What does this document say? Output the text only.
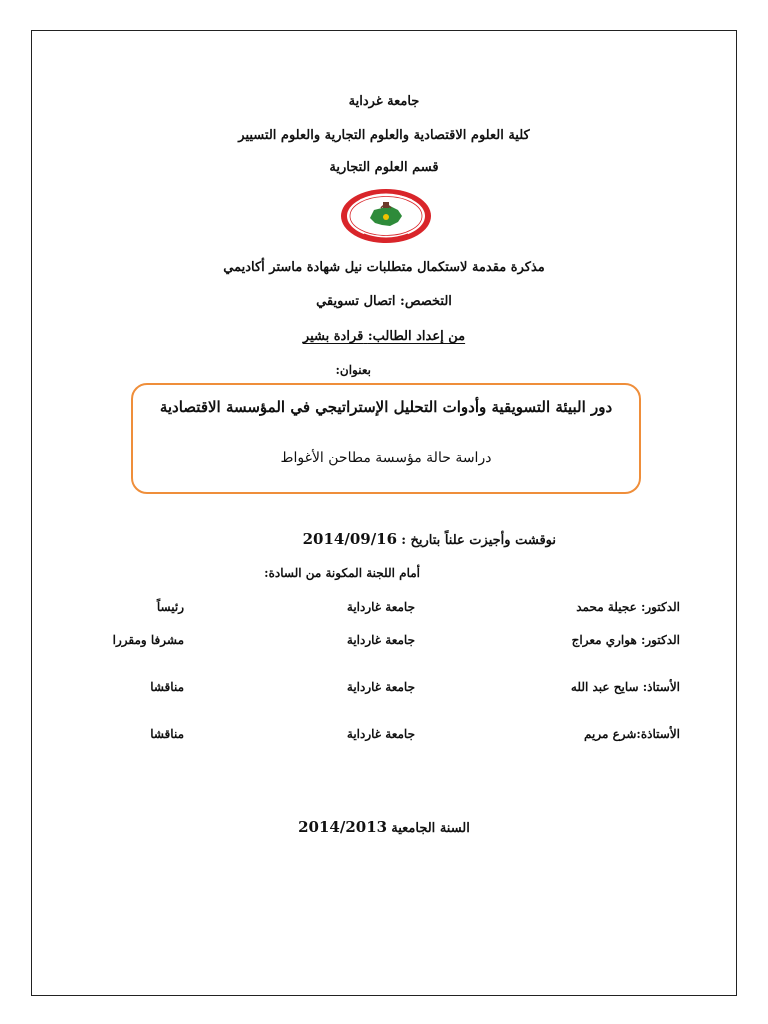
جامعة غرداية
كلية العلوم الاقتصادية والعلوم التجارية والعلوم التسيير
قسم العلوم التجارية
مذكرة مقدمة لاستكمال متطلبات نيل شهادة ماستر أكاديمي
التخصص: اتصال تسويقي
من إعداد الطالب: قرادة بشير
بعنوان:
دور البيئة التسويقية وأدوات التحليل الإستراتيجي في المؤسسة الاقتصادية
دراسة حالة مؤسسة مطاحن الأغواط
نوقشت وأجيزت علناً بتاريخ : 2014/09/16
أمام اللجنة المكونة من السادة:
الدكتور: عجيلة محمد
جامعة غارداية
رئيساً
الدكتور: هواري معراج
جامعة غارداية
مشرفا ومقررا
الأستاذ: سايح عبد الله
جامعة غارداية
مناقشا
الأستاذة:شرع مريم
جامعة غارداية
مناقشا
السنة الجامعية 2014/2013
